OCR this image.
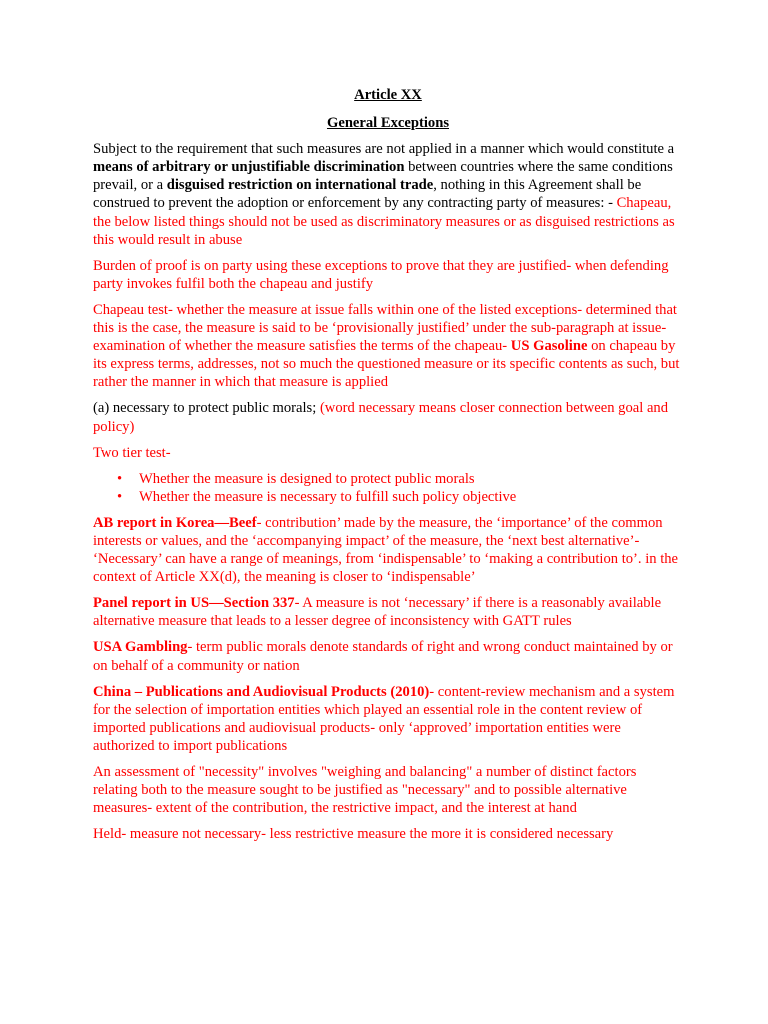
Article XX

General Exceptions

Subject to the requirement that such measures are not applied in a manner which would constitute a means of arbitrary or unjustifiable discrimination between countries where the same conditions prevail, or a disguised restriction on international trade, nothing in this Agreement shall be construed to prevent the adoption or enforcement by any contracting party of measures: - Chapeau, the below listed things should not be used as discriminatory measures or as disguised restrictions as this would result in abuse

Burden of proof is on party using these exceptions to prove that they are justified- when defending party invokes fulfil both the chapeau and justify

Chapeau test- whether the measure at issue falls within one of the listed exceptions- determined that this is the case, the measure is said to be ‘provisionally justified’ under the sub-paragraph at issue- examination of whether the measure satisfies the terms of the chapeau- US Gasoline on chapeau by its express terms, addresses, not so much the questioned measure or its specific contents as such, but rather the manner in which that measure is applied

(a) necessary to protect public morals; (word necessary means closer connection between goal and policy)

Two tier test-

• Whether the measure is designed to protect public morals
• Whether the measure is necessary to fulfill such policy objective

AB report in Korea—Beef- contribution’ made by the measure, the ‘importance’ of the common interests or values, and the ‘accompanying impact’ of the measure, the ‘next best alternative’- ‘Necessary’ can have a range of meanings, from ‘indispensable’ to ‘making a contribution to’. in the context of Article XX(d), the meaning is closer to ‘indispensable’

Panel report in US—Section 337- A measure is not ‘necessary’ if there is a reasonably available alternative measure that leads to a lesser degree of inconsistency with GATT rules

USA Gambling- term public morals denote standards of right and wrong conduct maintained by or on behalf of a community or nation

China – Publications and Audiovisual Products (2010)- content-review mechanism and a system for the selection of importation entities which played an essential role in the content review of imported publications and audiovisual products- only ‘approved’ importation entities were authorized to import publications

An assessment of "necessity" involves "weighing and balancing" a number of distinct factors relating both to the measure sought to be justified as "necessary" and to possible alternative measures- extent of the contribution, the restrictive impact, and the interest at hand

Held- measure not necessary- less restrictive measure the more it is considered necessary
